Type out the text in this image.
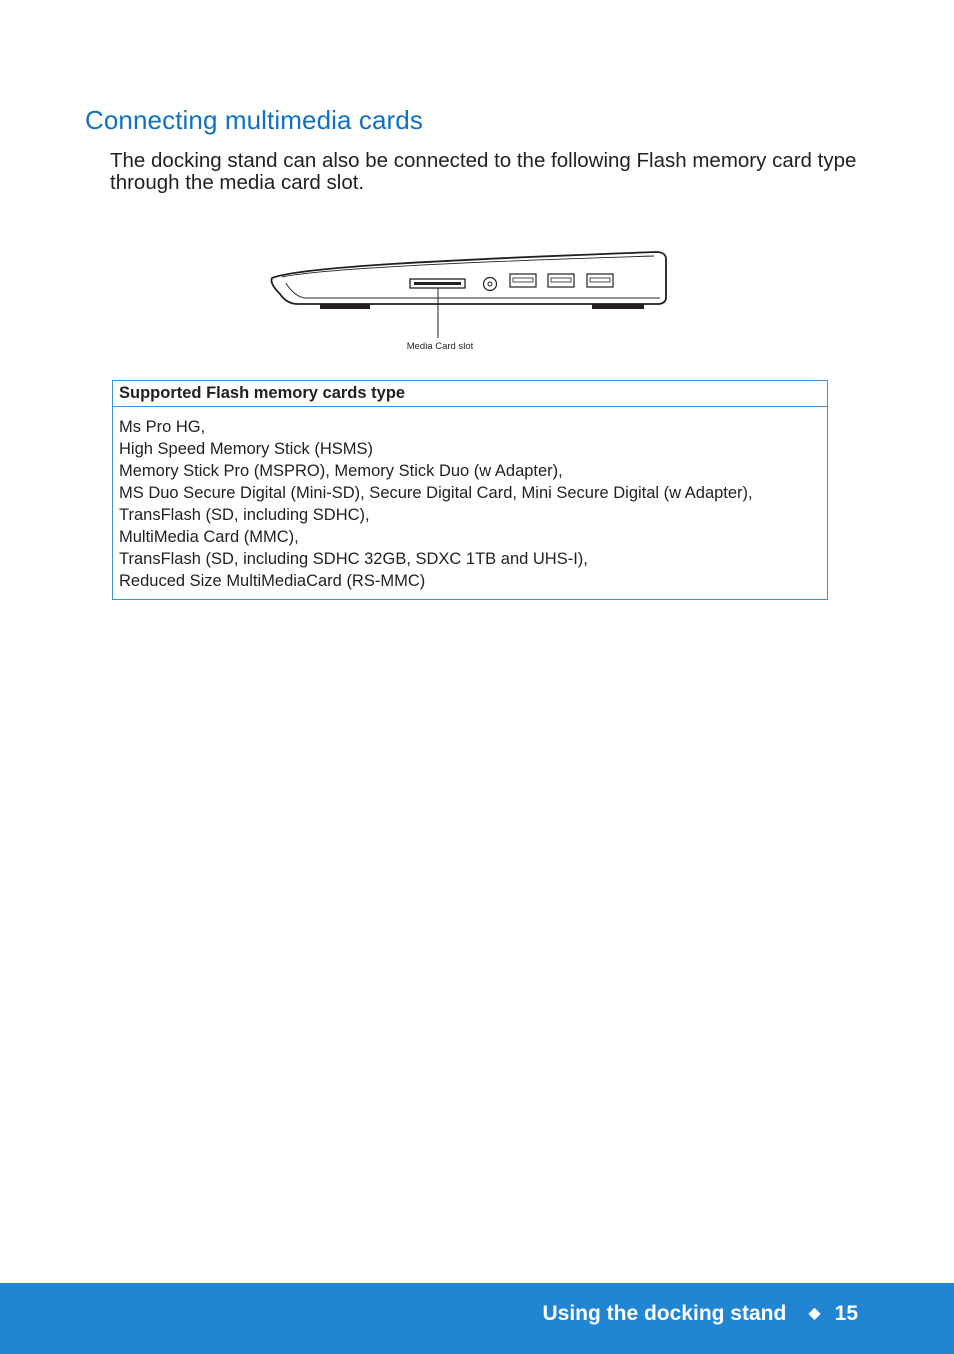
Connecting multimedia cards

The docking stand can also be connected to the following Flash memory card type through the media card slot.

Media Card slot
Supported Flash memory cards type

Ms Pro HG,
High Speed Memory Stick (HSMS)
Memory Stick Pro (MSPRO), Memory Stick Duo (w Adapter),
MS Duo Secure Digital (Mini-SD), Secure Digital Card, Mini Secure Digital (w Adapter),
TransFlash (SD, including SDHC),
MultiMedia Card (MMC),
TransFlash (SD, including SDHC 32GB, SDXC 1TB and UHS-I),
Reduced Size MultiMediaCard (RS-MMC)
Using the docking stand ◆ 15
